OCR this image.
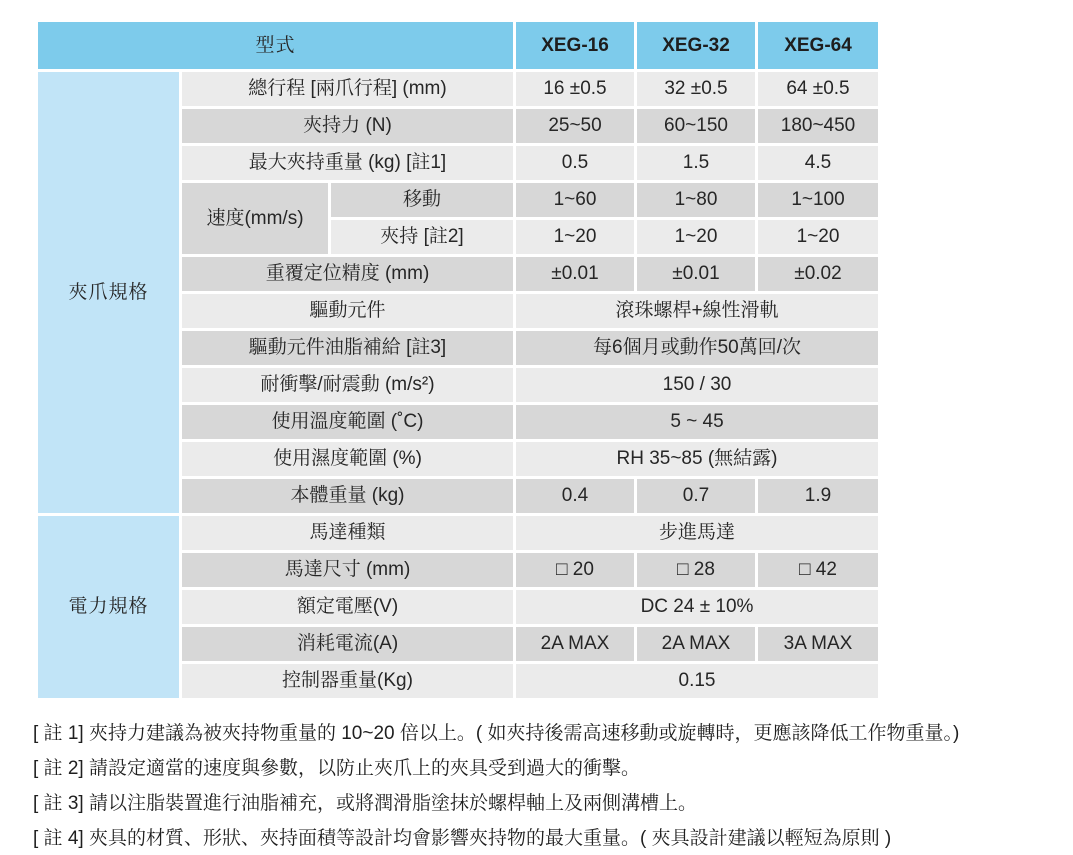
型式			XEG-16	XEG-32	XEG-64
夾爪規格	總行程 [兩爪行程] (mm)		16 ±0.5	32 ±0.5	64 ±0.5
	夾持力 (N)		25~50	60~150	180~450
	最大夾持重量 (kg) [註1]		0.5	1.5	4.5
	速度(mm/s)	移動	1~60	1~80	1~100
		夾持 [註2]	1~20	1~20	1~20
	重覆定位精度 (mm)		±0.01	±0.01	±0.02
	驅動元件		滾珠螺桿+線性滑軌		
	驅動元件油脂補給 [註3]		每6個月或動作50萬回/次		
	耐衝擊/耐震動 (m/s²)		150 / 30		
	使用溫度範圍 (˚C)		5 ~ 45		
	使用濕度範圍 (%)		RH 35~85 (無結露)		
	本體重量 (kg)		0.4	0.7	1.9
電力規格	馬達種類		步進馬達		
	馬達尺寸 (mm)		□ 20	□ 28	□ 42
	額定電壓(V)		DC 24 ± 10%		
	消耗電流(A)		2A MAX	2A MAX	3A MAX
	控制器重量(Kg)		0.15		
[ 註 1] 夾持力建議為被夾持物重量的 10~20 倍以上。( 如夾持後需高速移動或旋轉時，更應該降低工作物重量。)
[ 註 2] 請設定適當的速度與參數，以防止夾爪上的夾具受到過大的衝擊。
[ 註 3] 請以注脂裝置進行油脂補充，或將潤滑脂塗抹於螺桿軸上及兩側溝槽上。
[ 註 4] 夾具的材質、形狀、夾持面積等設計均會影響夾持物的最大重量。( 夾具設計建議以輕短為原則 )
